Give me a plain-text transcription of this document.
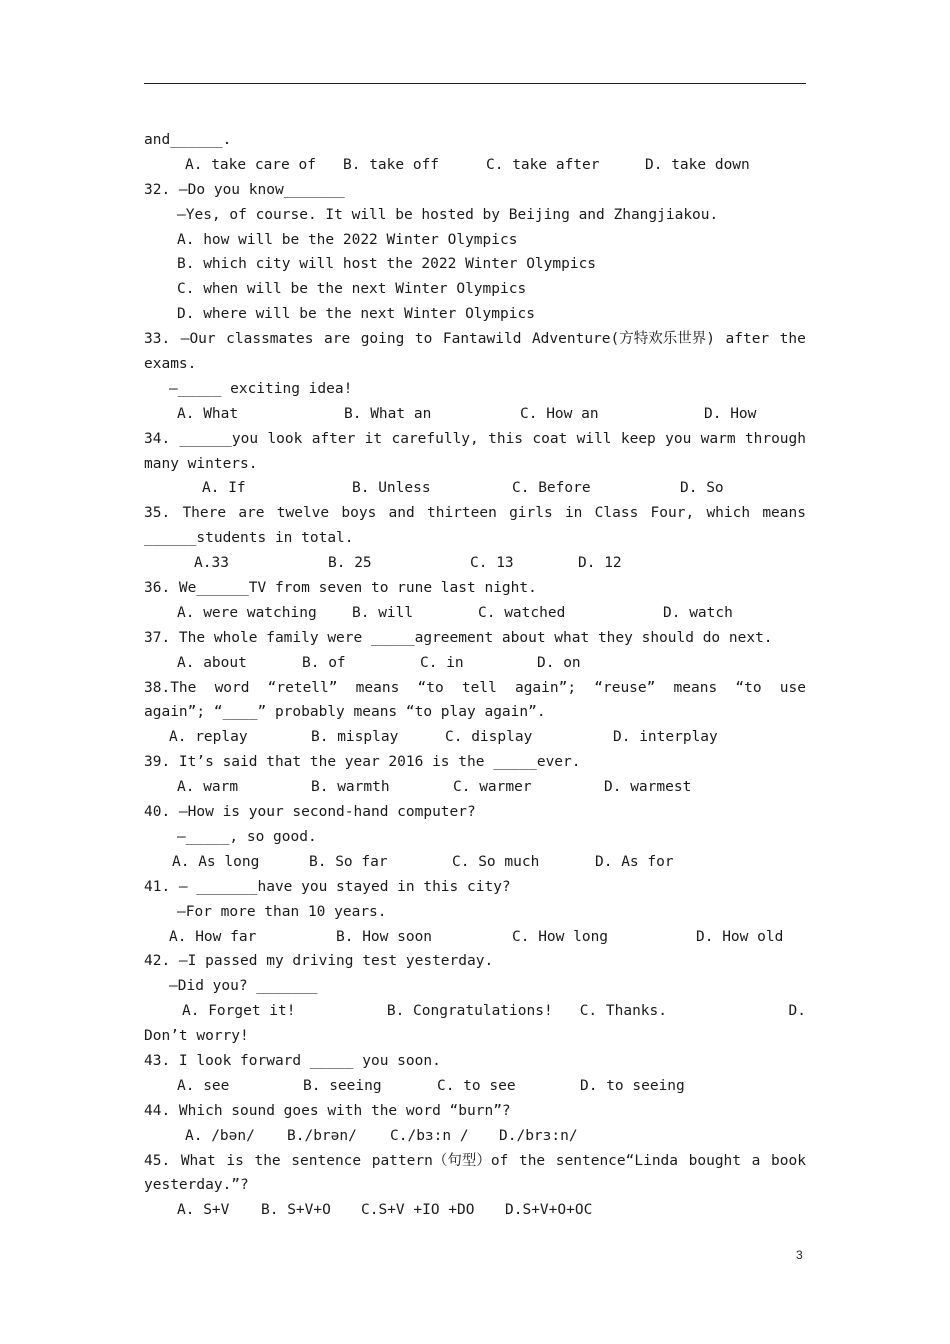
and______.
A. take care of	B. take off	C. take after	D. take down
32. —Do you know_______
—Yes, of course. It will be hosted by Beijing and Zhangjiakou.
A. how will be the 2022 Winter Olympics
B. which city will host the 2022 Winter Olympics
C. when will be the next Winter Olympics
D. where will be the next Winter Olympics
33. —Our classmates are going to Fantawild Adventure(方特欢乐世界) after the
exams.
—_____ exciting idea!
A. What	B. What an	C. How an	D. How
34. ______you look after it carefully, this coat will keep you warm through
many winters.
A. If	B. Unless	C. Before	D. So
35. There are twelve boys and thirteen girls in Class Four, which means
______students in total.
A.33	B. 25	C. 13	D. 12
36. We______TV from seven to rune last night.
A. were watching	B. will	C. watched	D. watch
37. The whole family were _____agreement about what they should do next.
A. about	B. of	C. in	D. on
38.The word “retell” means “to tell again”; “reuse” means “to use
again”; “____” probably means “to play again”.
A. replay	B. misplay	C. display	D. interplay
39. It’s said that the year 2016 is the _____ever.
A. warm	B. warmth	C. warmer	D. warmest
40. —How is your second-hand computer?
—_____, so good.
A. As long	B. So far	C. So much	D. As for
41. — _______have you stayed in this city?
—For more than 10 years.
A. How far	B. How soon	C. How long	D. How old
42. —I passed my driving test yesterday.
—Did you? _______
A. Forget it!	B. Congratulations!	C. Thanks.	D.
Don’t worry!
43. I look forward _____ you soon.
A. see	B. seeing	C. to see	D. to seeing
44. Which sound goes with the word “burn”?
A. /bən/	B./brən/	C./bɜ:n /	D./brɜ:n/
45. What is the sentence pattern（句型）of the sentence“Linda bought a book
yesterday.”?
A. S+V	B. S+V+O	C.S+V +IO +DO	D.S+V+O+OC
3
